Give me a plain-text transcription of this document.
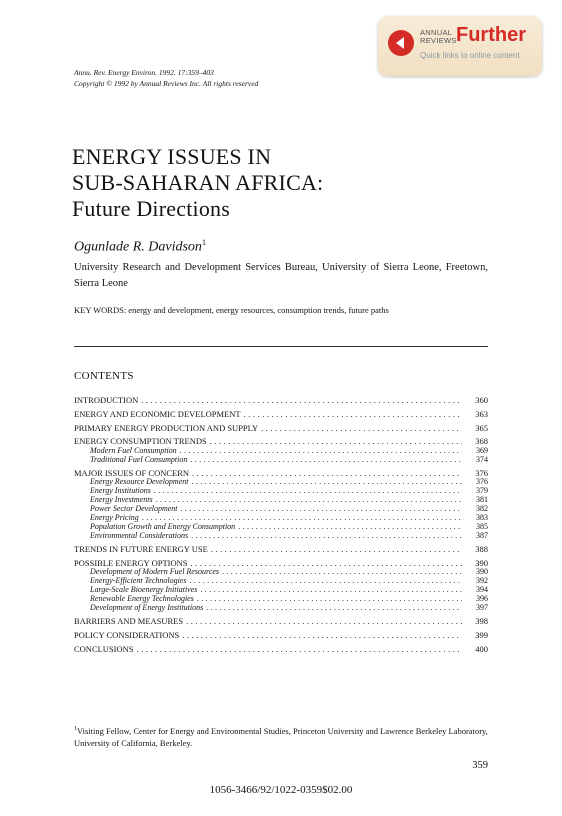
ANNUAL
REVIEWS Further
Quick links to online content
Annu. Rev. Energy Environ. 1992. 17:359–403
Copyright © 1992 by Annual Reviews Inc. All rights reserved
ENERGY ISSUES IN
SUB-SAHARAN AFRICA:
Future Directions
Ogunlade R. Davidson$^1$
University Research and Development Services Bureau, University of Sierra Leone, Freetown, Sierra Leone
KEY WORDS: energy and development, energy resources, consumption trends, future paths
CONTENTS
INTRODUCTION . . .	360
ENERGY AND ECONOMIC DEVELOPMENT . . .	363
PRIMARY ENERGY PRODUCTION AND SUPPLY . . .	365
ENERGY CONSUMPTION TRENDS . . .	368
Modern Fuel Consumption . . .	369
Traditional Fuel Consumption . . .	374
MAJOR ISSUES OF CONCERN . . .	376
Energy Resource Development . . .	376
Energy Institutions . . .	379
Energy Investments . . .	381
Power Sector Development . . .	382
Energy Pricing . . .	383
Population Growth and Energy Consumption . . .	385
Environmental Considerations . . .	387
TRENDS IN FUTURE ENERGY USE . . .	388
POSSIBLE ENERGY OPTIONS . . .	390
Development of Modern Fuel Resources . . .	390
Energy-Efficient Technologies . . .	392
Large-Scale Bioenergy Initiatives . . .	394
Renewable Energy Technologies . . .	396
Development of Energy Institutions . . .	397
BARRIERS AND MEASURES . . .	398
POLICY CONSIDERATIONS . . .	399
CONCLUSIONS . . .	400
$^1$Visiting Fellow, Center for Energy and Environmental Studies, Princeton University and Lawrence Berkeley Laboratory, University of California, Berkeley.
359
1056-3466/92/1022-0359$02.00
